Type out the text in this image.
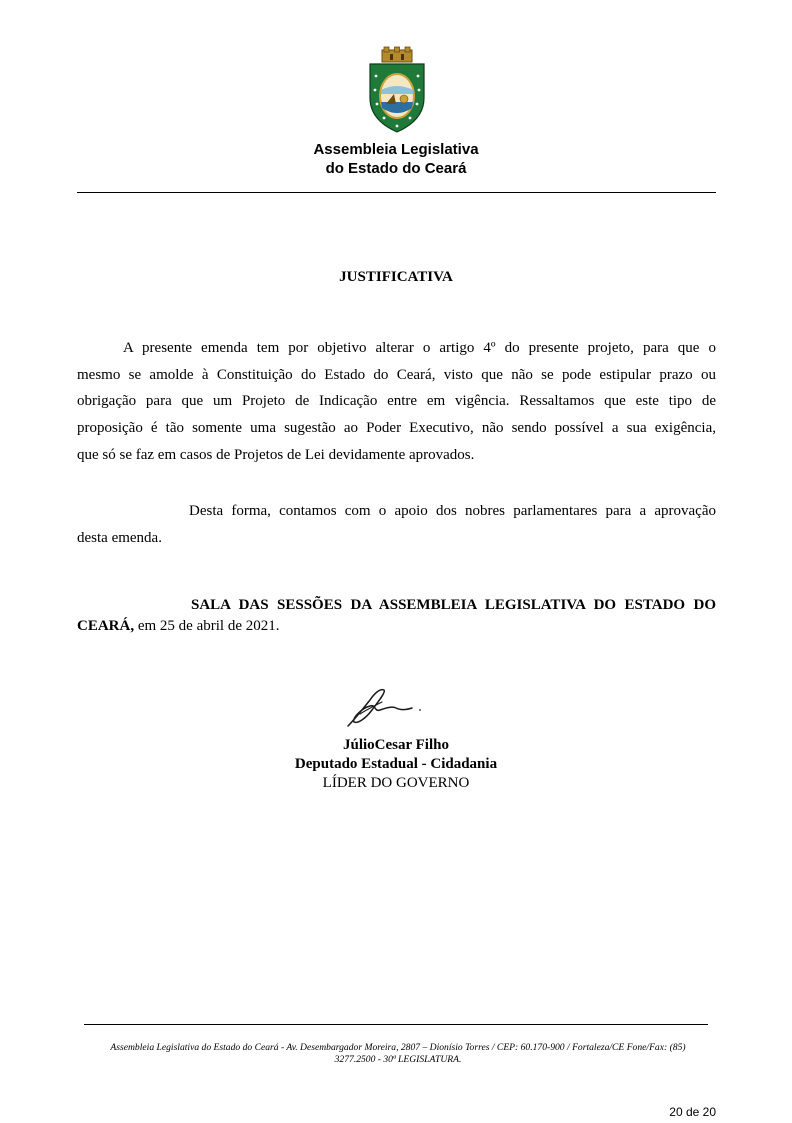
Assembleia Legislativa
do Estado do Ceará
JUSTIFICATIVA
A presente emenda tem por objetivo alterar o artigo 4º do presente projeto, para que o
mesmo se amolde à Constituição do Estado do Ceará, visto que não se pode estipular prazo ou
obrigação para que um Projeto de Indicação entre em vigência. Ressaltamos que este tipo de
proposição é tão somente uma sugestão ao Poder Executivo, não sendo possível a sua exigência,
que só se faz em casos de Projetos de Lei devidamente aprovados.
Desta forma, contamos com o apoio dos nobres parlamentares para a aprovação
desta emenda.
SALA DAS SESSÕES DA ASSEMBLEIA LEGISLATIVA DO ESTADO DO
CEARÁ, em 25 de abril de 2021.
JúlioCesar Filho
Deputado Estadual - Cidadania
LÍDER DO GOVERNO
Assembleia Legislativa do Estado do Ceará - Av. Desembargador Moreira, 2807 – Dionísio Torres / CEP: 60.170-900 / Fortaleza/CE Fone/Fax: (85)
3277.2500 - 30ª LEGISLATURA.
20 de 20
